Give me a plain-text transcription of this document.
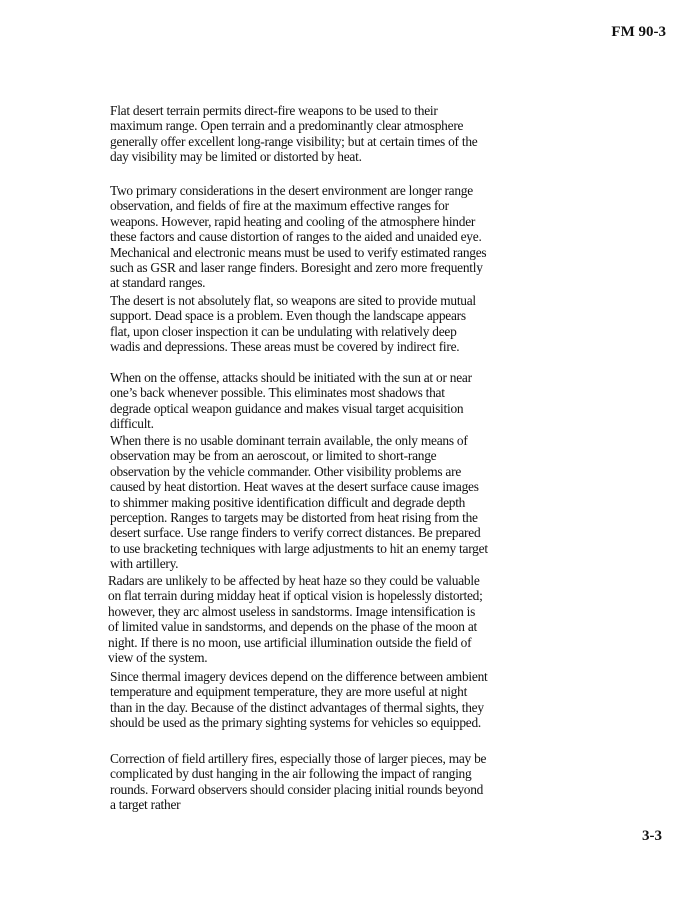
FM 90-3

Flat desert terrain permits direct-fire weapons to be used to their maximum range. Open terrain and a predominantly clear atmosphere generally offer excellent long-range visibility; but at certain times of the day visibility may be limited or distorted by heat.

Two primary considerations in the desert environment are longer range observation, and fields of fire at the maximum effective ranges for weapons. However, rapid heating and cooling of the atmosphere hinder these factors and cause distortion of ranges to the aided and unaided eye. Mechanical and electronic means must be used to verify estimated ranges such as GSR and laser range finders. Boresight and zero more frequently at standard ranges.

The desert is not absolutely flat, so weapons are sited to provide mutual support. Dead space is a problem. Even though the landscape appears flat, upon closer inspection it can be undulating with relatively deep wadis and depressions. These areas must be covered by indirect fire.

When on the offense, attacks should be initiated with the sun at or near one’s back whenever possible. This eliminates most shadows that degrade optical weapon guidance and makes visual target acquisition difficult.

When there is no usable dominant terrain available, the only means of observation may be from an aeroscout, or limited to short-range observation by the vehicle commander. Other visibility problems are caused by heat distortion. Heat waves at the desert surface cause images to shimmer making positive identification difficult and degrade depth perception. Ranges to targets may be distorted from heat rising from the desert surface. Use range finders to verify correct distances. Be prepared to use bracketing techniques with large adjustments to hit an enemy target with artillery.

Radars are unlikely to be affected by heat haze so they could be valuable on flat terrain during midday heat if optical vision is hopelessly distorted; however, they arc almost useless in sandstorms. Image intensification is of limited value in sandstorms, and depends on the phase of the moon at night. If there is no moon, use artificial illumination outside the field of view of the system.

Since thermal imagery devices depend on the difference between ambient temperature and equipment temperature, they are more useful at night than in the day. Because of the distinct advantages of thermal sights, they should be used as the primary sighting systems for vehicles so equipped.

Correction of field artillery fires, especially those of larger pieces, may be complicated by dust hanging in the air following the impact of ranging rounds. Forward observers should consider placing initial rounds beyond a target rather

3-3
